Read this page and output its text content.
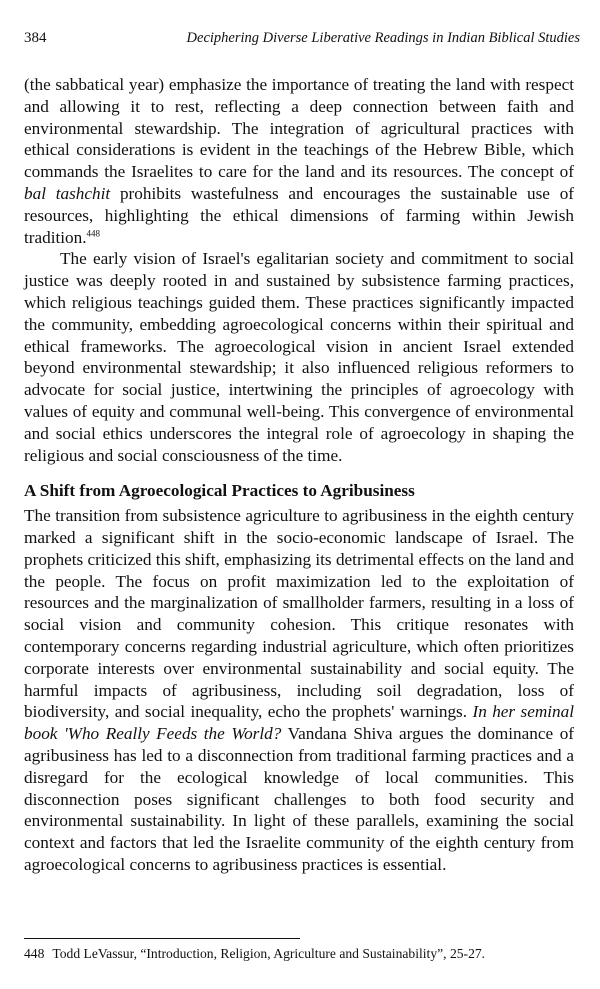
384	Deciphering Diverse Liberative Readings in Indian Biblical Studies

(the sabbatical year) emphasize the importance of treating the land with respect and allowing it to rest, reflecting a deep connection between faith and environmental stewardship. The integration of agricultural practices with ethical considerations is evident in the teachings of the Hebrew Bible, which commands the Israelites to care for the land and its resources. The concept of bal tashchit prohibits wastefulness and encourages the sustainable use of resources, highlighting the ethical dimensions of farming within Jewish tradition.$^{448}$

The early vision of Israel's egalitarian society and commitment to social justice was deeply rooted in and sustained by subsistence farming practices, which religious teachings guided them. These practices significantly impacted the community, embedding agroecological concerns within their spiritual and ethical frameworks. The agroecological vision in ancient Israel extended beyond environmental stewardship; it also influenced religious reformers to advocate for social justice, intertwining the principles of agroecology with values of equity and communal well-being. This convergence of environmental and social ethics underscores the integral role of agroecology in shaping the religious and social consciousness of the time.

A Shift from Agroecological Practices to Agribusiness

The transition from subsistence agriculture to agribusiness in the eighth century marked a significant shift in the socio-economic landscape of Israel. The prophets criticized this shift, emphasizing its detrimental effects on the land and the people. The focus on profit maximization led to the exploitation of resources and the marginalization of smallholder farmers, resulting in a loss of social vision and community cohesion. This critique resonates with contemporary concerns regarding industrial agriculture, which often prioritizes corporate interests over environmental sustainability and social equity. The harmful impacts of agribusiness, including soil degradation, loss of biodiversity, and social inequality, echo the prophets' warnings. In her seminal book 'Who Really Feeds the World? Vandana Shiva argues the dominance of agribusiness has led to a disconnection from traditional farming practices and a disregard for the ecological knowledge of local communities. This disconnection poses significant challenges to both food security and environmental sustainability. In light of these parallels, examining the social context and factors that led the Israelite community of the eighth century from agroecological concerns to agribusiness practices is essential.

448 Todd LeVassur, “Introduction, Religion, Agriculture and Sustainability”, 25-27.
